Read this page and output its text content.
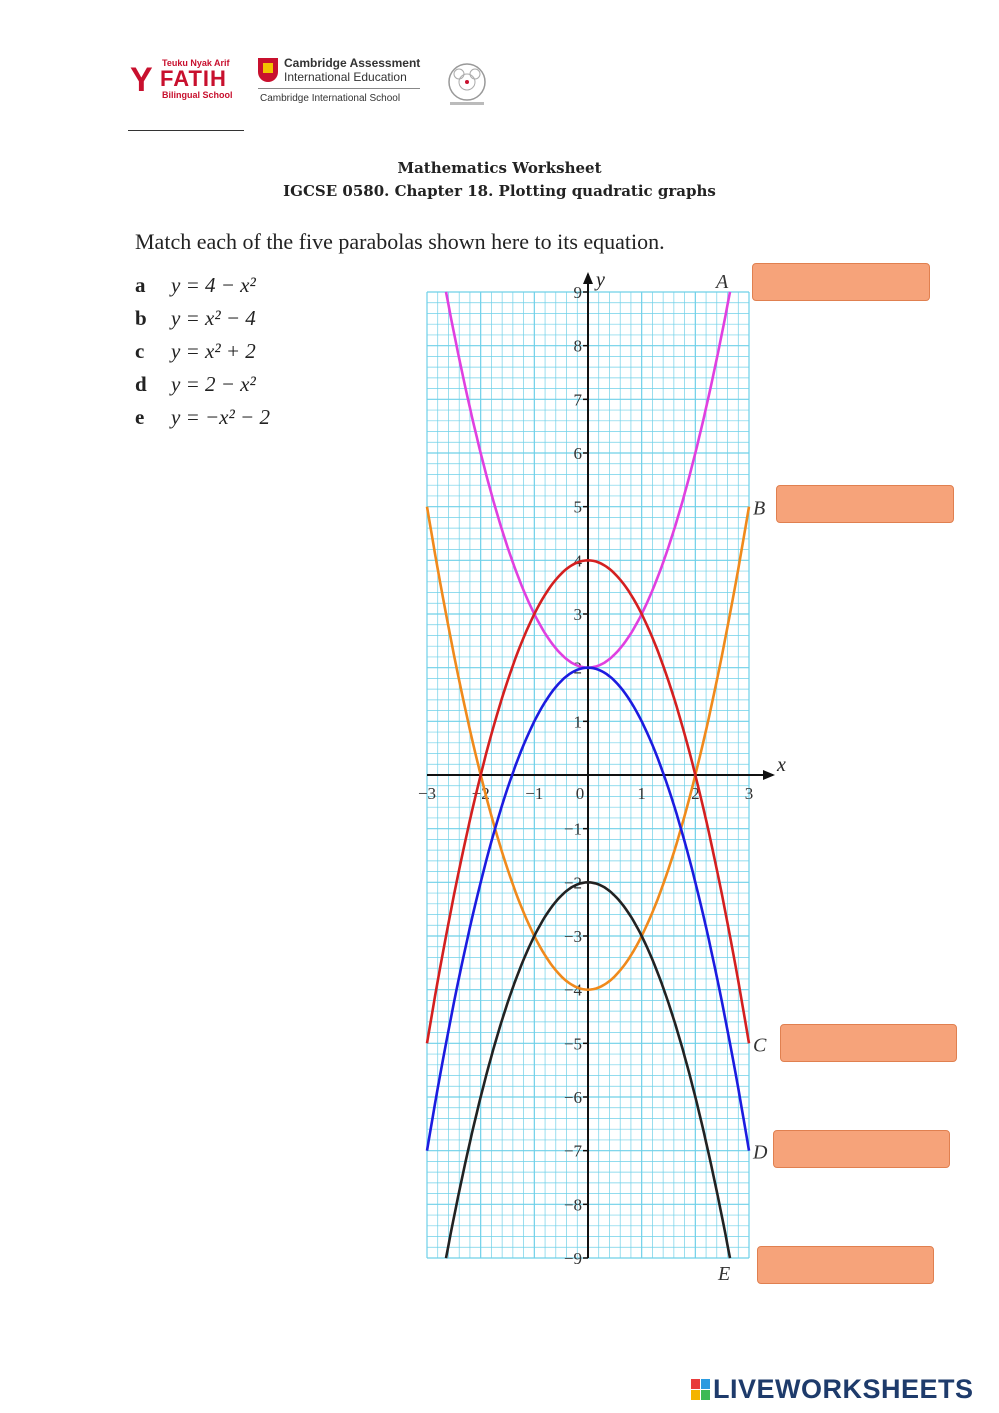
Y	Teuku Nyak Arif
FATIH
Bilingual School
Cambridge Assessment
International Education
Cambridge International School
Mathematics Worksheet
IGCSE 0580. Chapter 18. Plotting quadratic graphs
Match each of the five parabolas shown here to its equation.
a y = 4 − x²
b y = x² − 4
c y = x² + 2
d y = 2 − x²
e y = −x² − 2
x
y
−3 −2 −1 0	1	2	3
9
8
7
6
5
4
3
2
1
−1
−2
−3
−4
−5
−6
−7
−8
−9
A
B
C
D
E
LIVEWORKSHEETS
